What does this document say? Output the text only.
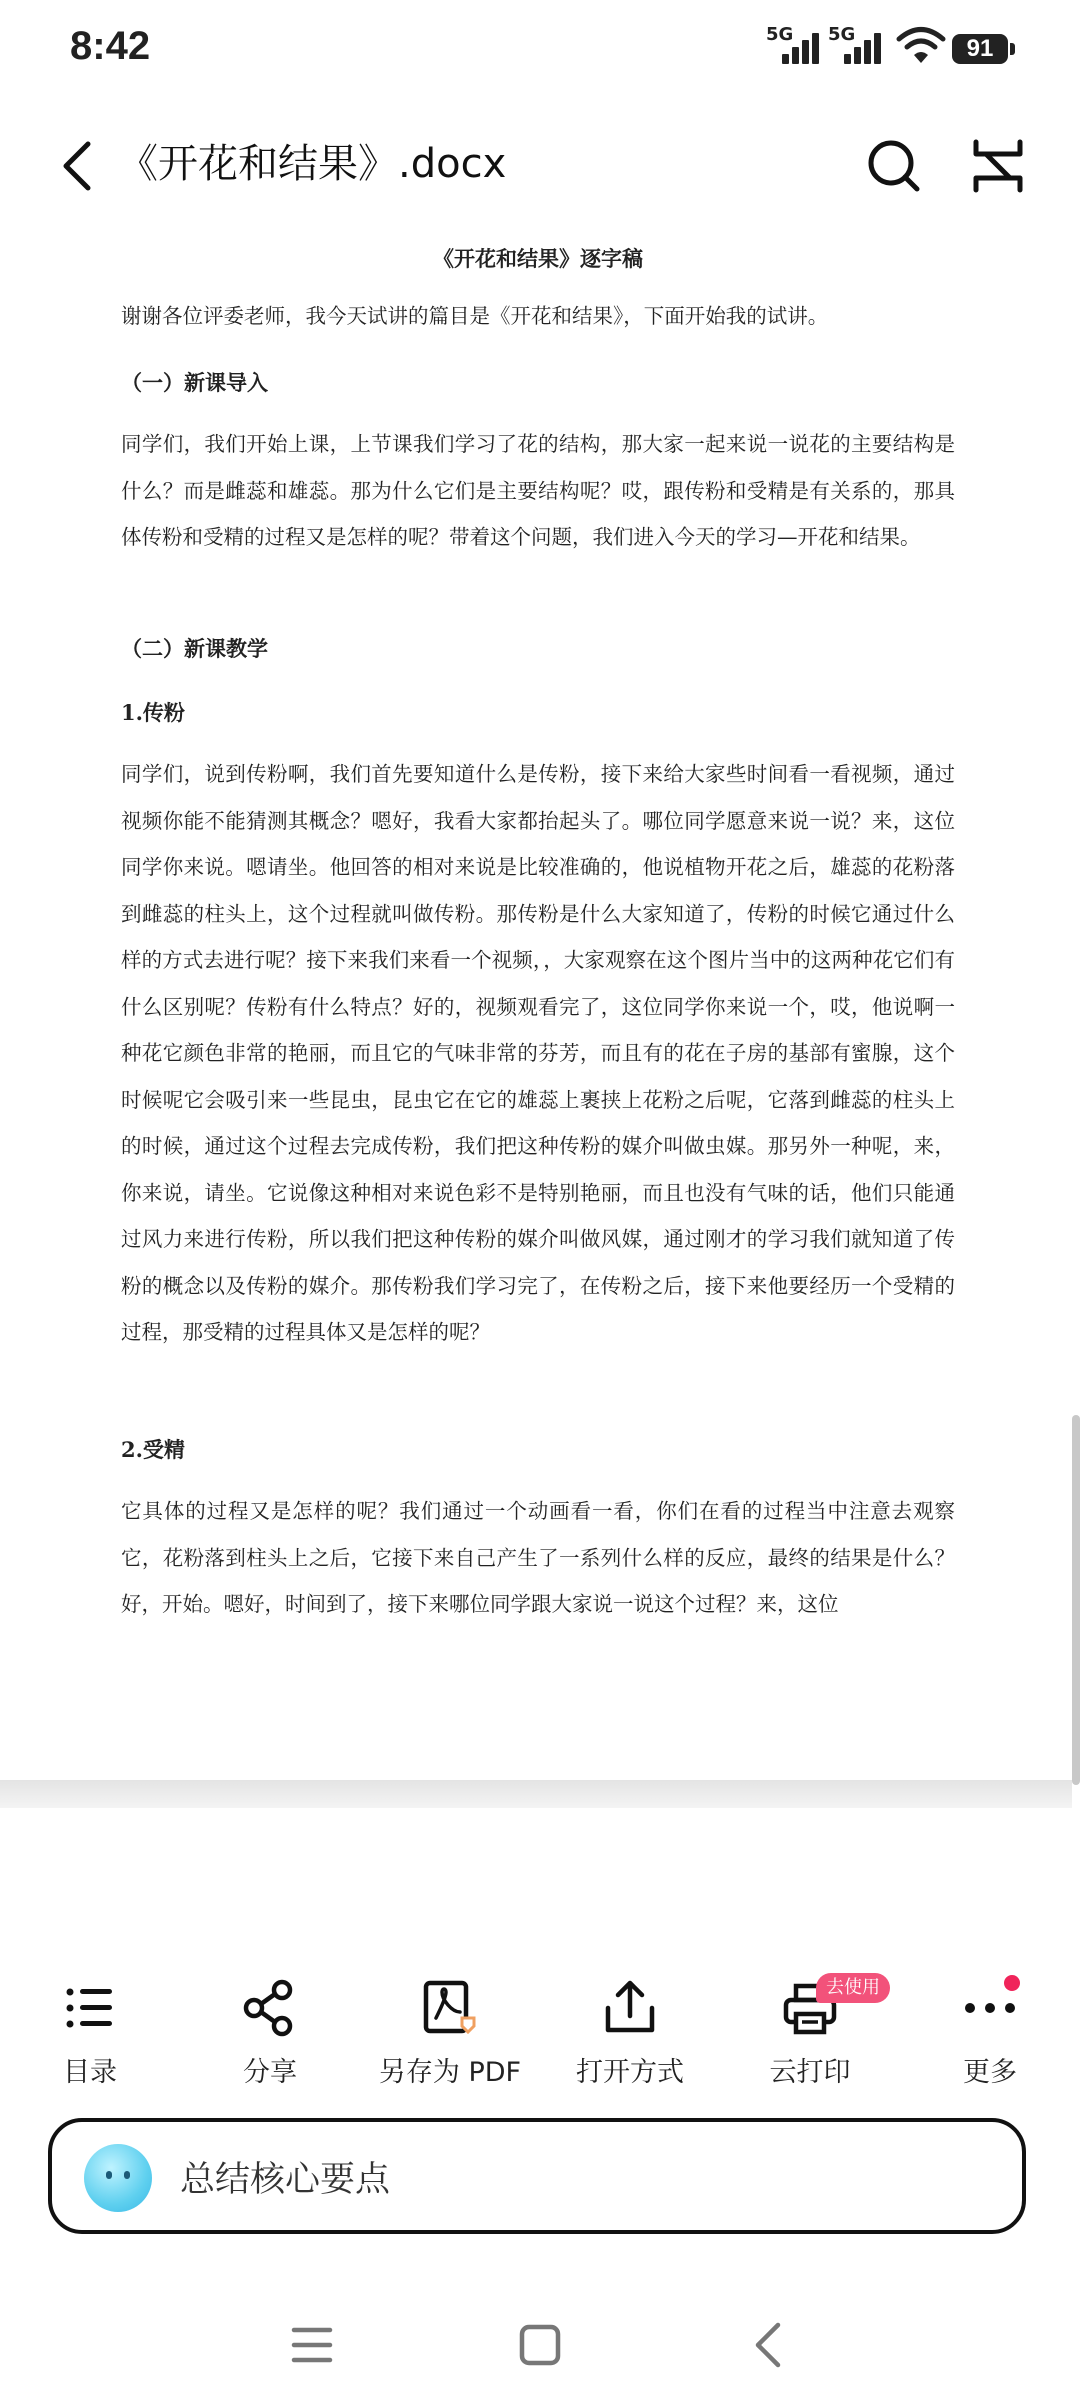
8:42	5G 5G
91
《开花和结果》.docx
《开花和结果》逐字稿
谢谢各位评委老师，我今天试讲的篇目是《开花和结果》，下面开始我的试讲。
（一）新课导入
同学们，我们开始上课，上节课我们学习了花的结构，那大家一起来说一说花的主要结构是什么？而是雌蕊和雄蕊。那为什么它们是主要结构呢？哎，跟传粉和受精是有关系的，那具体传粉和受精的过程又是怎样的呢？带着这个问题，我们进入今天的学习—开花和结果。
（二）新课教学
1.传粉
同学们，说到传粉啊，我们首先要知道什么是传粉，接下来给大家些时间看一看视频，通过视频你能不能猜测其概念？嗯好，我看大家都抬起头了。哪位同学愿意来说一说？来，这位同学你来说。嗯请坐。他回答的相对来说是比较准确的，他说植物开花之后，雄蕊的花粉落到雌蕊的柱头上，这个过程就叫做传粉。那传粉是什么大家知道了，传粉的时候它通过什么样的方式去进行呢？接下来我们来看一个视频，，大家观察在这个图片当中的这两种花它们有什么区别呢？传粉有什么特点？好的，视频观看完了，这位同学你来说一个，哎，他说啊一种花它颜色非常的艳丽，而且它的气味非常的芬芳，而且有的花在子房的基部有蜜腺，这个时候呢它会吸引来一些昆虫，昆虫它在它的雄蕊上裹挟上花粉之后呢，它落到雌蕊的柱头上的时候，通过这个过程去完成传粉，我们把这种传粉的媒介叫做虫媒。那另外一种呢，来，你来说，请坐。它说像这种相对来说色彩不是特别艳丽，而且也没有气味的话，他们只能通过风力来进行传粉，所以我们把这种传粉的媒介叫做风媒，通过刚才的学习我们就知道了传粉的概念以及传粉的媒介。那传粉我们学习完了，在传粉之后，接下来他要经历一个受精的过程，那受精的过程具体又是怎样的呢？
2.受精
它具体的过程又是怎样的呢？我们通过一个动画看一看，你们在看的过程当中注意去观察它，花粉落到柱头上之后，它接下来自己产生了一系列什么样的反应，最终的结果是什么？好，开始。嗯好，时间到了，接下来哪位同学跟大家说一说这个过程？来，这位
目录	分享	另存为 PDF	打开方式	云打印	更多
去使用
总结核心要点
